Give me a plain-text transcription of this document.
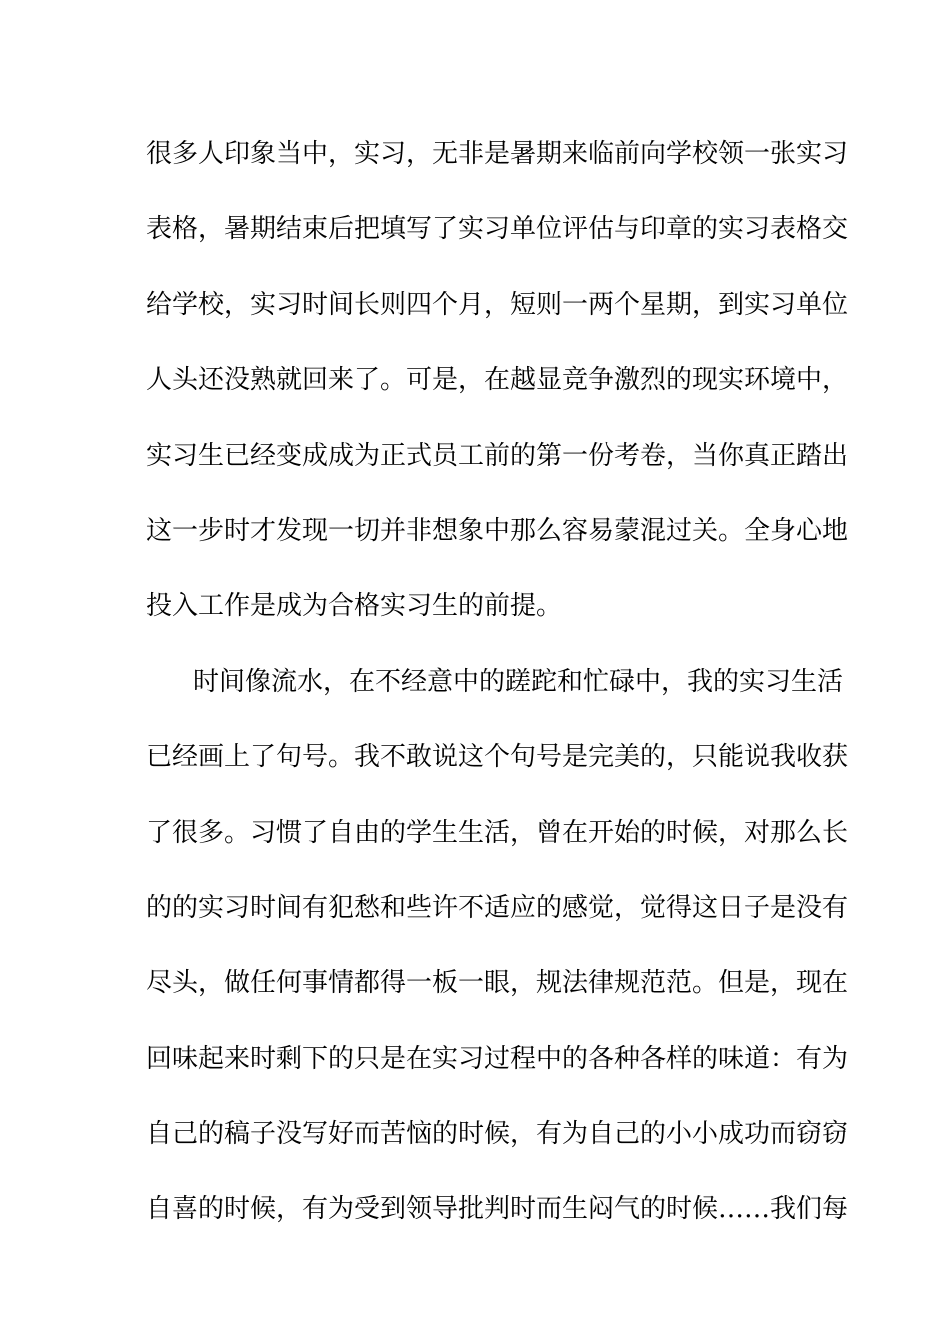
很多人印象当中，实习，无非是暑期来临前向学校领一张实习
表格，暑期结束后把填写了实习单位评估与印章的实习表格交
给学校，实习时间长则四个月，短则一两个星期，到实习单位
人头还没熟就回来了。可是，在越显竞争激烈的现实环境中，
实习生已经变成成为正式员工前的第一份考卷，当你真正踏出
这一步时才发现一切并非想象中那么容易蒙混过关。全身心地
投入工作是成为合格实习生的前提。
时间像流水，在不经意中的蹉跎和忙碌中，我的实习生活
已经画上了句号。我不敢说这个句号是完美的，只能说我收获
了很多。习惯了自由的学生生活，曾在开始的时候，对那么长
的的实习时间有犯愁和些许不适应的感觉，觉得这日子是没有
尽头，做任何事情都得一板一眼，规法律规范范。但是，现在
回味起来时剩下的只是在实习过程中的各种各样的味道：有为
自己的稿子没写好而苦恼的时候，有为自己的小小成功而窃窃
自喜的时候，有为受到领导批判时而生闷气的时候……我们每
